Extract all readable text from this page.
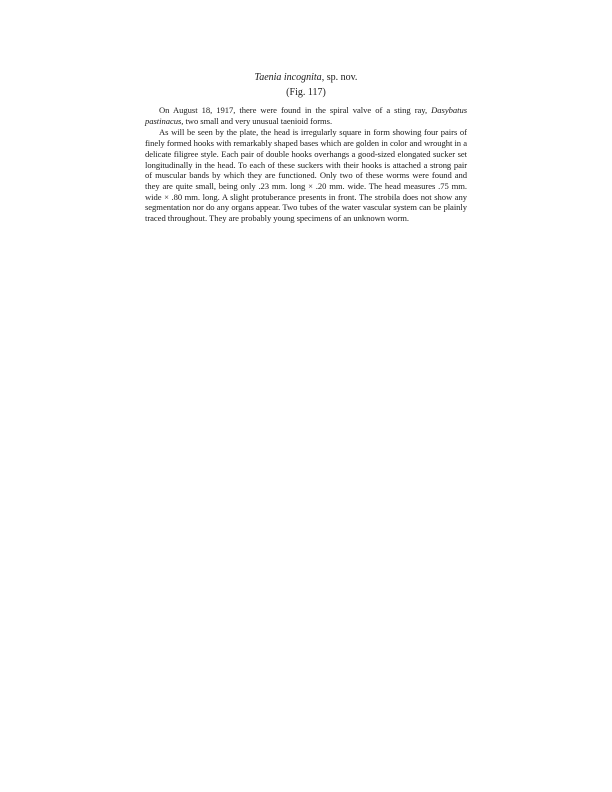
Taenia incognita, sp. nov.

(Fig. 117)

On August 18, 1917, there were found in the spiral valve of a sting ray, Dasybatus pastinacus, two small and very unusual taenioid forms.

As will be seen by the plate, the head is irregularly square in form showing four pairs of finely formed hooks with remarkably shaped bases which are golden in color and wrought in a delicate filigree style. Each pair of double hooks overhangs a good-sized elongated sucker set longitudinally in the head. To each of these suckers with their hooks is attached a strong pair of muscular bands by which they are functioned. Only two of these worms were found and they are quite small, being only .23 mm. long × .20 mm. wide. The head measures .75 mm. wide × .80 mm. long. A slight protuberance presents in front. The strobila does not show any segmentation nor do any organs appear. Two tubes of the water vascular system can be plainly traced throughout. They are probably young specimens of an unknown worm.
